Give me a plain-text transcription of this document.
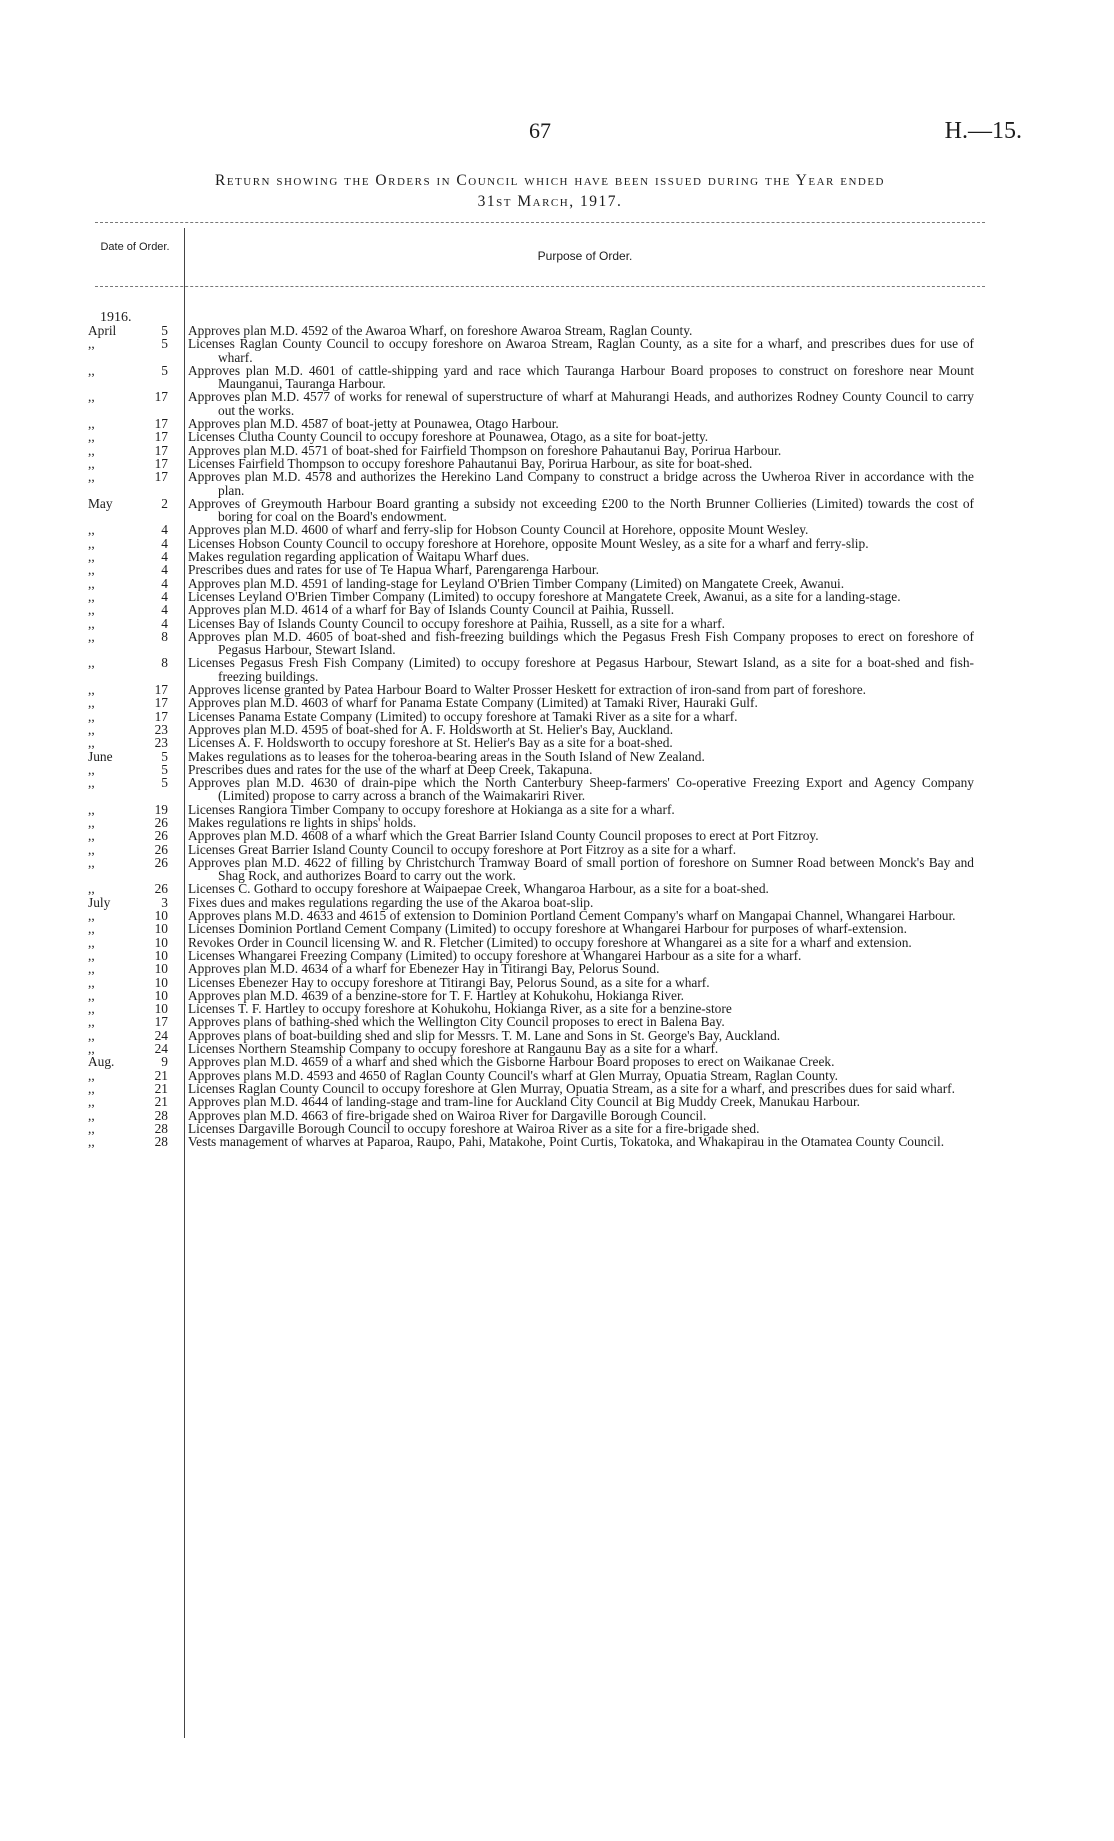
67	H.—15.
Return showing the Orders in Council which have been issued during the Year ended
31st March, 1917.
Date of Order.
Purpose of Order.
1916.
April	5	Approves plan M.D. 4592 of the Awaroa Wharf, on foreshore Awaroa Stream, Raglan County.
,,	5	Licenses Raglan County Council to occupy foreshore on Awaroa Stream, Raglan County, as a site for a wharf, and prescribes dues for use of wharf.
,,	5	Approves plan M.D. 4601 of cattle-shipping yard and race which Tauranga Harbour Board proposes to construct on foreshore near Mount Maunganui, Tauranga Harbour.
,,	17	Approves plan M.D. 4577 of works for renewal of superstructure of wharf at Mahurangi Heads, and authorizes Rodney County Council to carry out the works.
,,	17	Approves plan M.D. 4587 of boat-jetty at Pounawea, Otago Harbour.
,,	17	Licenses Clutha County Council to occupy foreshore at Pounawea, Otago, as a site for boat-jetty.
,,	17	Approves plan M.D. 4571 of boat-shed for Fairfield Thompson on foreshore Pahautanui Bay, Porirua Harbour.
,,	17	Licenses Fairfield Thompson to occupy foreshore Pahautanui Bay, Porirua Harbour, as site for boat-shed.
,,	17	Approves plan M.D. 4578 and authorizes the Herekino Land Company to construct a bridge across the Uwheroa River in accordance with the plan.
May	2	Approves of Greymouth Harbour Board granting a subsidy not exceeding £200 to the North Brunner Collieries (Limited) towards the cost of boring for coal on the Board's endowment.
,,	4	Approves plan M.D. 4600 of wharf and ferry-slip for Hobson County Council at Horehore, opposite Mount Wesley.
,,	4	Licenses Hobson County Council to occupy foreshore at Horehore, opposite Mount Wesley, as a site for a wharf and ferry-slip.
,,	4	Makes regulation regarding application of Waitapu Wharf dues.
,,	4	Prescribes dues and rates for use of Te Hapua Wharf, Parengarenga Harbour.
,,	4	Approves plan M.D. 4591 of landing-stage for Leyland O'Brien Timber Company (Limited) on Mangatete Creek, Awanui.
,,	4	Licenses Leyland O'Brien Timber Company (Limited) to occupy foreshore at Mangatete Creek, Awanui, as a site for a landing-stage.
,,	4	Approves plan M.D. 4614 of a wharf for Bay of Islands County Council at Paihia, Russell.
,,	4	Licenses Bay of Islands County Council to occupy foreshore at Paihia, Russell, as a site for a wharf.
,,	8	Approves plan M.D. 4605 of boat-shed and fish-freezing buildings which the Pegasus Fresh Fish Company proposes to erect on foreshore of Pegasus Harbour, Stewart Island.
,,	8	Licenses Pegasus Fresh Fish Company (Limited) to occupy foreshore at Pegasus Harbour, Stewart Island, as a site for a boat-shed and fish-freezing buildings.
,,	17	Approves license granted by Patea Harbour Board to Walter Prosser Heskett for extraction of iron-sand from part of foreshore.
,,	17	Approves plan M.D. 4603 of wharf for Panama Estate Company (Limited) at Tamaki River, Hauraki Gulf.
,,	17	Licenses Panama Estate Company (Limited) to occupy foreshore at Tamaki River as a site for a wharf.
,,	23	Approves plan M.D. 4595 of boat-shed for A. F. Holdsworth at St. Helier's Bay, Auckland.
,,	23	Licenses A. F. Holdsworth to occupy foreshore at St. Helier's Bay as a site for a boat-shed.
June	5	Makes regulations as to leases for the toheroa-bearing areas in the South Island of New Zealand.
,,	5	Prescribes dues and rates for the use of the wharf at Deep Creek, Takapuna.
,,	5	Approves plan M.D. 4630 of drain-pipe which the North Canterbury Sheep-farmers' Co-operative Freezing Export and Agency Company (Limited) propose to carry across a branch of the Waimakariri River.
,,	19	Licenses Rangiora Timber Company to occupy foreshore at Hokianga as a site for a wharf.
,,	26	Makes regulations re lights in ships' holds.
,,	26	Approves plan M.D. 4608 of a wharf which the Great Barrier Island County Council proposes to erect at Port Fitzroy.
,,	26	Licenses Great Barrier Island County Council to occupy foreshore at Port Fitzroy as a site for a wharf.
,,	26	Approves plan M.D. 4622 of filling by Christchurch Tramway Board of small portion of foreshore on Sumner Road between Monck's Bay and Shag Rock, and authorizes Board to carry out the work.
,,	26	Licenses C. Gothard to occupy foreshore at Waipaepae Creek, Whangaroa Harbour, as a site for a boat-shed.
July	3	Fixes dues and makes regulations regarding the use of the Akaroa boat-slip.
,,	10	Approves plans M.D. 4633 and 4615 of extension to Dominion Portland Cement Company's wharf on Mangapai Channel, Whangarei Harbour.
,,	10	Licenses Dominion Portland Cement Company (Limited) to occupy foreshore at Whangarei Harbour for purposes of wharf-extension.
,,	10	Revokes Order in Council licensing W. and R. Fletcher (Limited) to occupy foreshore at Whangarei as a site for a wharf and extension.
,,	10	Licenses Whangarei Freezing Company (Limited) to occupy foreshore at Whangarei Harbour as a site for a wharf.
,,	10	Approves plan M.D. 4634 of a wharf for Ebenezer Hay in Titirangi Bay, Pelorus Sound.
,,	10	Licenses Ebenezer Hay to occupy foreshore at Titirangi Bay, Pelorus Sound, as a site for a wharf.
,,	10	Approves plan M.D. 4639 of a benzine-store for T. F. Hartley at Kohukohu, Hokianga River.
,,	10	Licenses T. F. Hartley to occupy foreshore at Kohukohu, Hokianga River, as a site for a benzine-store
,,	17	Approves plans of bathing-shed which the Wellington City Council proposes to erect in Balena Bay.
,,	24	Approves plans of boat-building shed and slip for Messrs. T. M. Lane and Sons in St. George's Bay, Auckland.
,,	24	Licenses Northern Steamship Company to occupy foreshore at Rangaunu Bay as a site for a wharf.
Aug.	9	Approves plan M.D. 4659 of a wharf and shed which the Gisborne Harbour Board proposes to erect on Waikanae Creek.
,,	21	Approves plans M.D. 4593 and 4650 of Raglan County Council's wharf at Glen Murray, Opuatia Stream, Raglan County.
,,	21	Licenses Raglan County Council to occupy foreshore at Glen Murray, Opuatia Stream, as a site for a wharf, and prescribes dues for said wharf.
,,	21	Approves plan M.D. 4644 of landing-stage and tram-line for Auckland City Council at Big Muddy Creek, Manukau Harbour.
,,	28	Approves plan M.D. 4663 of fire-brigade shed on Wairoa River for Dargaville Borough Council.
,,	28	Licenses Dargaville Borough Council to occupy foreshore at Wairoa River as a site for a fire-brigade shed.
,,	28	Vests management of wharves at Paparoa, Raupo, Pahi, Matakohe, Point Curtis, Tokatoka, and Whakapirau in the Otamatea County Council.
